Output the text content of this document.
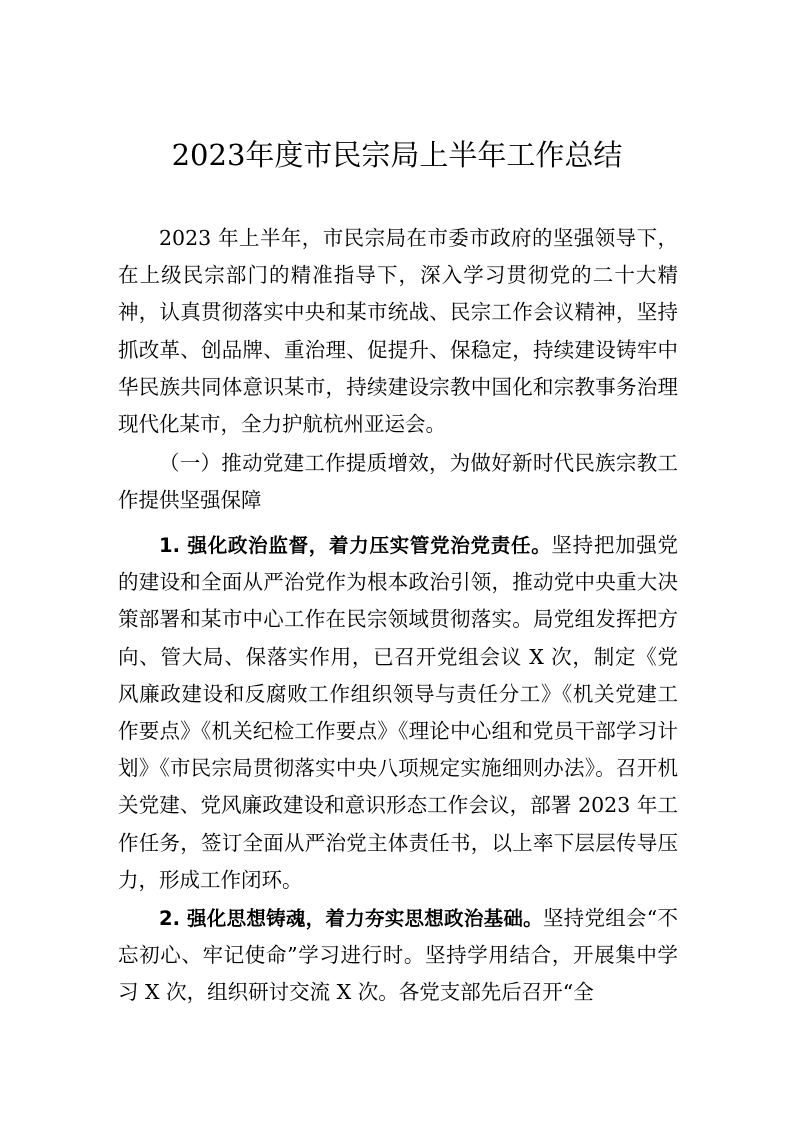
2023年度市民宗局上半年工作总结

2023 年上半年，市民宗局在市委市政府的坚强领导下，在上级民宗部门的精准指导下，深入学习贯彻党的二十大精神，认真贯彻落实中央和某市统战、民宗工作会议精神，坚持抓改革、创品牌、重治理、促提升、保稳定，持续建设铸牢中华民族共同体意识某市，持续建设宗教中国化和宗教事务治理现代化某市，全力护航杭州亚运会。

（一）推动党建工作提质增效，为做好新时代民族宗教工作提供坚强保障

1. 强化政治监督，着力压实管党治党责任。坚持把加强党的建设和全面从严治党作为根本政治引领，推动党中央重大决策部署和某市中心工作在民宗领域贯彻落实。局党组发挥把方向、管大局、保落实作用，已召开党组会议 X 次，制定《党风廉政建设和反腐败工作组织领导与责任分工》《机关党建工作要点》《机关纪检工作要点》《理论中心组和党员干部学习计划》《市民宗局贯彻落实中央八项规定实施细则办法》。召开机关党建、党风廉政建设和意识形态工作会议，部署 2023 年工作任务，签订全面从严治党主体责任书，以上率下层层传导压力，形成工作闭环。

2. 强化思想铸魂，着力夯实思想政治基础。坚持党组会“不忘初心、牢记使命”学习进行时。坚持学用结合，开展集中学习 X 次，组织研讨交流 X 次。各党支部先后召开“全
